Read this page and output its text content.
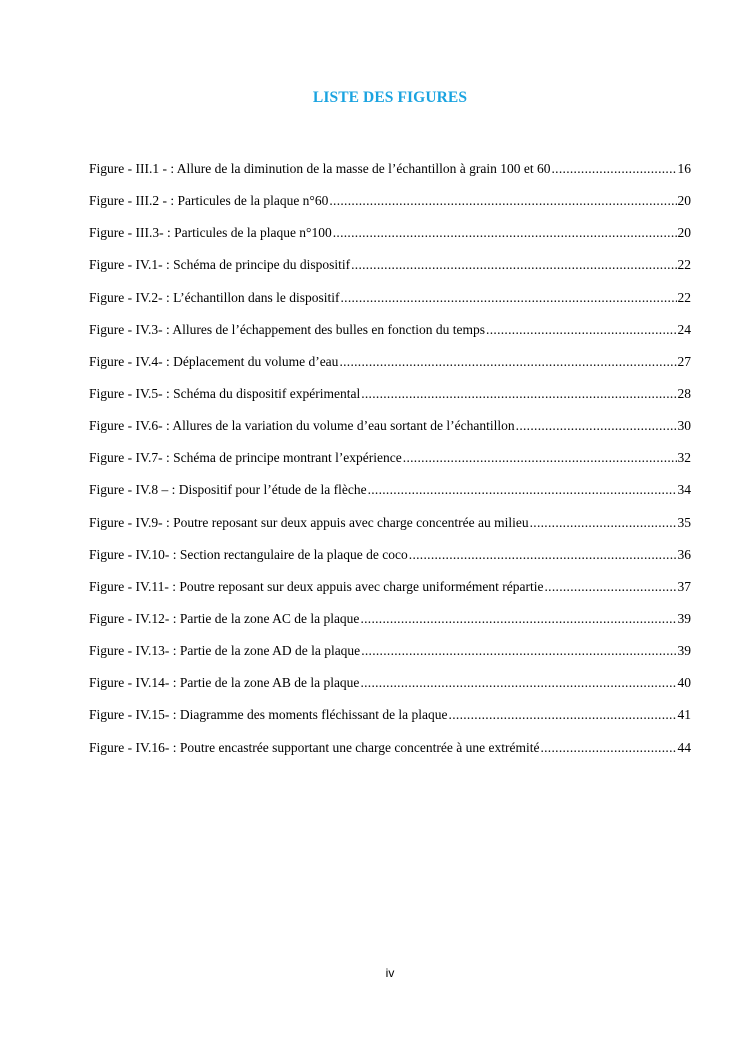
LISTE DES FIGURES
Figure - III.1 - : Allure de la diminution de la masse de l’échantillon à grain 100 et 60 .....	16
Figure - III.2 - : Particules de la plaque n°60 .....	20
Figure - III.3- : Particules de la plaque n°100 .....	20
Figure - IV.1- : Schéma de principe du dispositif .....	22
Figure - IV.2- : L’échantillon dans le dispositif .....	22
Figure - IV.3- : Allures de l’échappement des bulles en fonction du temps .....	24
Figure - IV.4- : Déplacement du volume d’eau .....	27
Figure - IV.5- : Schéma du dispositif expérimental .....	28
Figure - IV.6- : Allures de la variation du volume d’eau sortant de l’échantillon .....	30
Figure - IV.7- : Schéma de principe montrant l’expérience .....	32
Figure - IV.8 – : Dispositif pour l’étude de la flèche .....	34
Figure - IV.9- : Poutre reposant sur deux appuis avec charge concentrée au milieu .....	35
Figure - IV.10- : Section rectangulaire de la plaque de coco .....	36
Figure - IV.11- : Poutre reposant sur deux appuis avec charge uniformément répartie .....	37
Figure - IV.12- : Partie de la zone AC de la plaque .....	39
Figure - IV.13- : Partie de la zone AD de la plaque .....	39
Figure - IV.14- : Partie de la zone AB de la plaque .....	40
Figure - IV.15- : Diagramme des moments fléchissant de la plaque .....	41
Figure - IV.16- : Poutre encastrée supportant une charge concentrée à une extrémité .....	44
iv
